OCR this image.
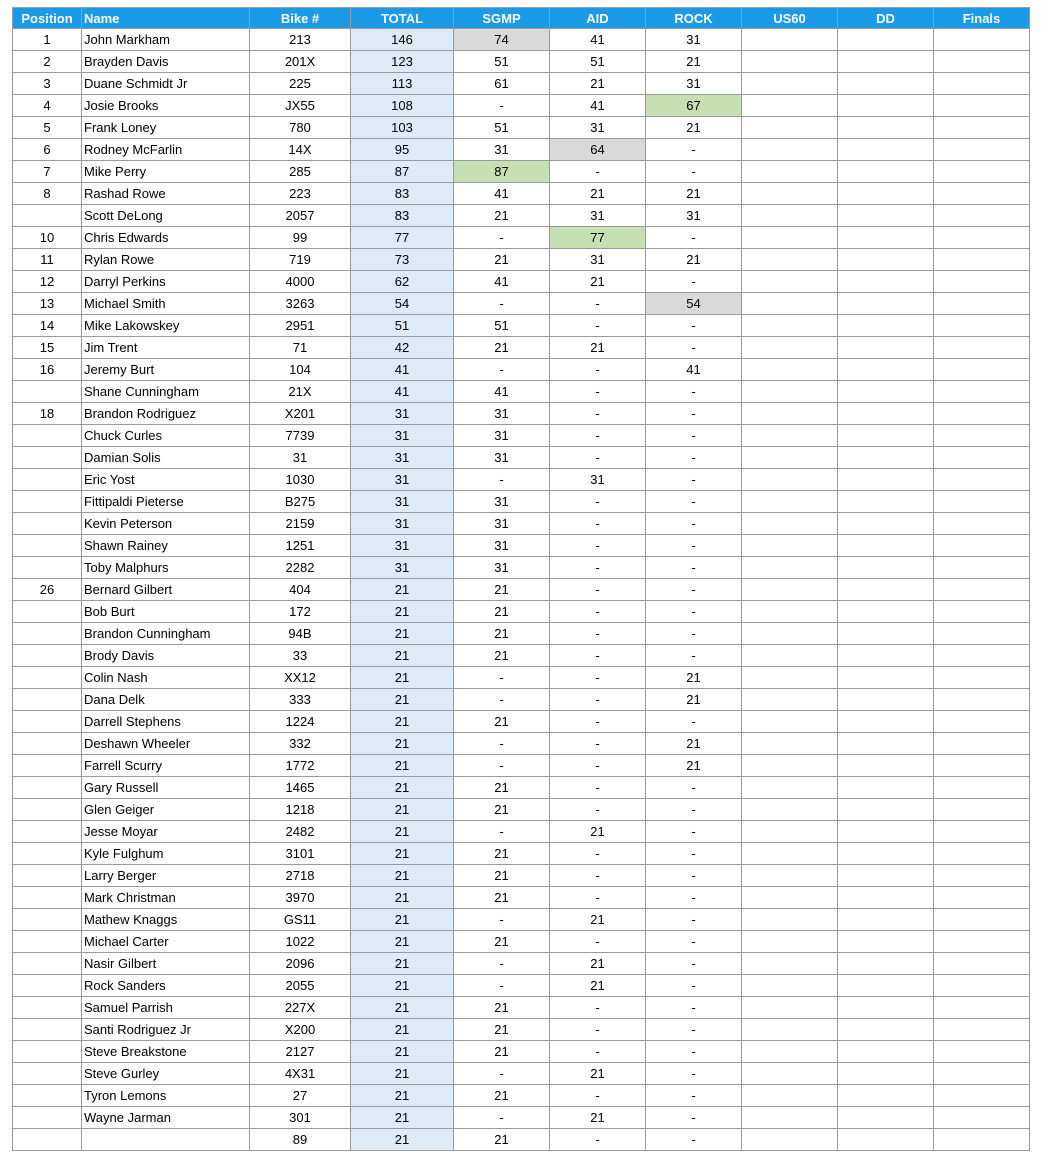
Position	Name	Bike #	TOTAL	SGMP	AID	ROCK	US60	DD	Finals
1	John Markham	213	146	74	41	31			
2	Brayden Davis	201X	123	51	51	21			
3	Duane Schmidt Jr	225	113	61	21	31			
4	Josie Brooks	JX55	108	-	41	67			
5	Frank Loney	780	103	51	31	21			
6	Rodney McFarlin	14X	95	31	64	-			
7	Mike Perry	285	87	87	-	-			
8	Rashad Rowe	223	83	41	21	21			
	Scott DeLong	2057	83	21	31	31			
10	Chris Edwards	99	77	-	77	-			
11	Rylan Rowe	719	73	21	31	21			
12	Darryl Perkins	4000	62	41	21	-			
13	Michael Smith	3263	54	-	-	54			
14	Mike Lakowskey	2951	51	51	-	-			
15	Jim Trent	71	42	21	21	-			
16	Jeremy Burt	104	41	-	-	41			
	Shane Cunningham	21X	41	41	-	-			
18	Brandon Rodriguez	X201	31	31	-	-			
	Chuck Curles	7739	31	31	-	-			
	Damian Solis	31	31	31	-	-			
	Eric Yost	1030	31	-	31	-			
	Fittipaldi Pieterse	B275	31	31	-	-			
	Kevin Peterson	2159	31	31	-	-			
	Shawn Rainey	1251	31	31	-	-			
	Toby Malphurs	2282	31	31	-	-			
26	Bernard Gilbert	404	21	21	-	-			
	Bob Burt	172	21	21	-	-			
	Brandon Cunningham	94B	21	21	-	-			
	Brody Davis	33	21	21	-	-			
	Colin Nash	XX12	21	-	-	21			
	Dana Delk	333	21	-	-	21			
	Darrell Stephens	1224	21	21	-	-			
	Deshawn Wheeler	332	21	-	-	21			
	Farrell Scurry	1772	21	-	-	21			
	Gary Russell	1465	21	21	-	-			
	Glen Geiger	1218	21	21	-	-			
	Jesse Moyar	2482	21	-	21	-			
	Kyle Fulghum	3101	21	21	-	-			
	Larry Berger	2718	21	21	-	-			
	Mark Christman	3970	21	21	-	-			
	Mathew Knaggs	GS11	21	-	21	-			
	Michael Carter	1022	21	21	-	-			
	Nasir Gilbert	2096	21	-	21	-			
	Rock Sanders	2055	21	-	21	-			
	Samuel Parrish	227X	21	21	-	-			
	Santi Rodriguez Jr	X200	21	21	-	-			
	Steve Breakstone	2127	21	21	-	-			
	Steve Gurley	4X31	21	-	21	-			
	Tyron Lemons	27	21	21	-	-			
	Wayne Jarman	301	21	-	21	-			
		89	21	21	-	-			
